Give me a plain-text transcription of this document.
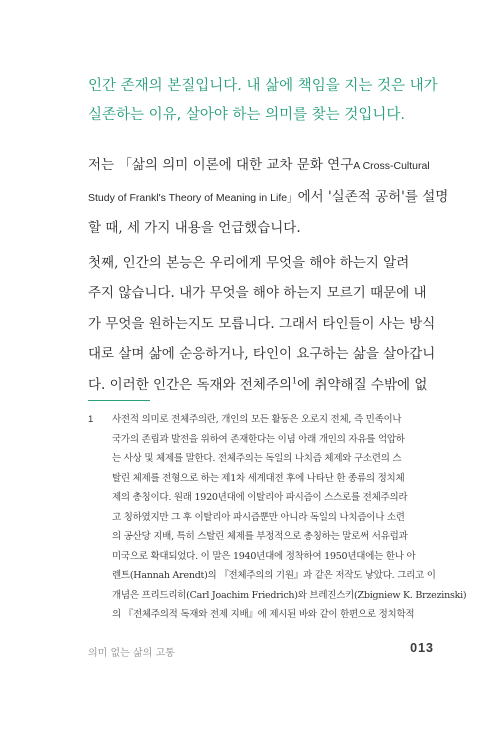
인간 존재의 본질입니다. 내 삶에 책임을 지는 것은 내가
실존하는 이유, 살아야 하는 의미를 찾는 것입니다.
저는 「삶의 의미 이론에 대한 교차 문화 연구A Cross-Cultural
Study of Frankl's Theory of Meaning in Life」에서 '실존적 공허'를 설명
할 때, 세 가지 내용을 언급했습니다.
첫째, 인간의 본능은 우리에게 무엇을 해야 하는지 알려
주지 않습니다. 내가 무엇을 해야 하는지 모르기 때문에 내
가 무엇을 원하는지도 모릅니다. 그래서 타인들이 사는 방식
대로 살며 삶에 순응하거나, 타인이 요구하는 삶을 살아갑니
다. 이러한 인간은 독재와 전체주의$^1$에 취약해질 수밖에 없
1 사전적 의미로 전체주의란, 개인의 모든 활동은 오로지 전체, 즉 민족이나
국가의 존립과 발전을 위하여 존재한다는 이념 아래 개인의 자유를 억압하
는 사상 및 체제를 말한다. 전체주의는 독일의 나치즘 체제와 구소련의 스
탈린 체제를 전형으로 하는 제1차 세계대전 후에 나타난 한 종류의 정치체
제의 총칭이다. 원래 1920년대에 이탈리아 파시즘이 스스로를 전체주의라
고 칭하였지만 그 후 이탈리아 파시즘뿐만 아니라 독일의 나치즘이나 소련
의 공산당 지배, 특히 스탈린 체제를 부정적으로 총칭하는 말로써 서유럽과
미국으로 확대되었다. 이 말은 1940년대에 정착하여 1950년대에는 한나 아
렌트(Hannah Arendt)의 『전체주의의 기원』과 같은 저작도 낳았다. 그리고 이
개념은 프리드리히(Carl Joachim Friedrich)와 브레진스키(Zbigniew K. Brzezinski)
의 『전체주의적 독재와 전제 지배』에 제시된 바와 같이 한편으로 정치학적
의미 없는 삶의 고통	013
